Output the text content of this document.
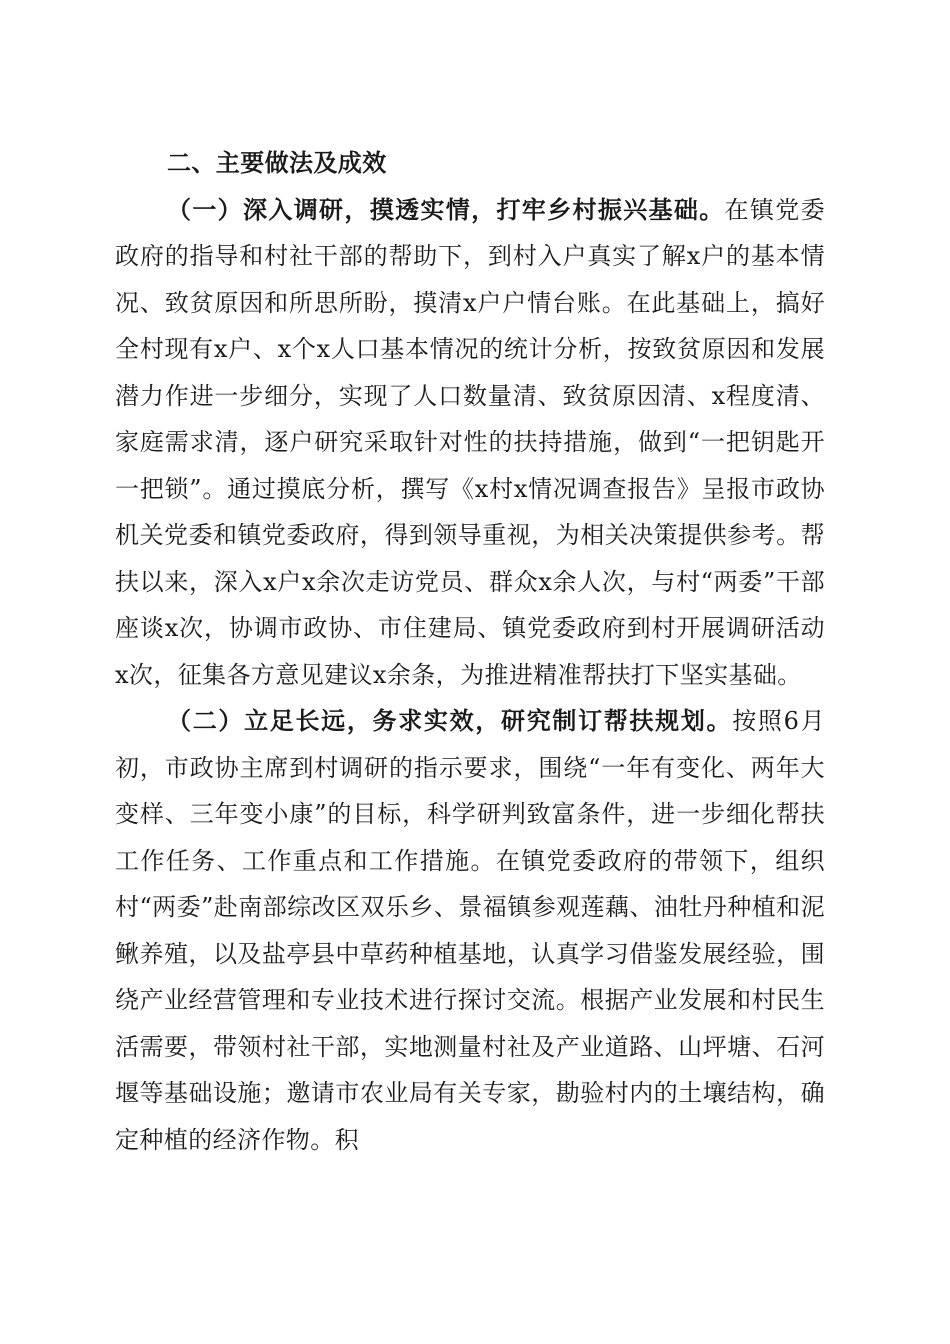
二、主要做法及成效

（一）深入调研，摸透实情，打牢乡村振兴基础。在镇党委政府的指导和村社干部的帮助下，到村入户真实了解x户的基本情况、致贫原因和所思所盼，摸清x户户情台账。在此基础上，搞好全村现有x户、x个x人口基本情况的统计分析，按致贫原因和发展潜力作进一步细分，实现了人口数量清、致贫原因清、x程度清、家庭需求清，逐户研究采取针对性的扶持措施，做到“一把钥匙开一把锁”。通过摸底分析，撰写《x村x情况调查报告》呈报市政协机关党委和镇党委政府，得到领导重视，为相关决策提供参考。帮扶以来，深入x户x余次走访党员、群众x余人次，与村“两委”干部座谈x次，协调市政协、市住建局、镇党委政府到村开展调研活动x次，征集各方意见建议x余条，为推进精准帮扶打下坚实基础。

（二）立足长远，务求实效，研究制订帮扶规划。按照6月初，市政协主席到村调研的指示要求，围绕“一年有变化、两年大变样、三年变小康”的目标，科学研判致富条件，进一步细化帮扶工作任务、工作重点和工作措施。在镇党委政府的带领下，组织村“两委”赴南部综改区双乐乡、景福镇参观莲藕、油牡丹种植和泥鳅养殖，以及盐亭县中草药种植基地，认真学习借鉴发展经验，围绕产业经营管理和专业技术进行探讨交流。根据产业发展和村民生活需要，带领村社干部，实地测量村社及产业道路、山坪塘、石河堰等基础设施；邀请市农业局有关专家，勘验村内的土壤结构，确定种植的经济作物。积
